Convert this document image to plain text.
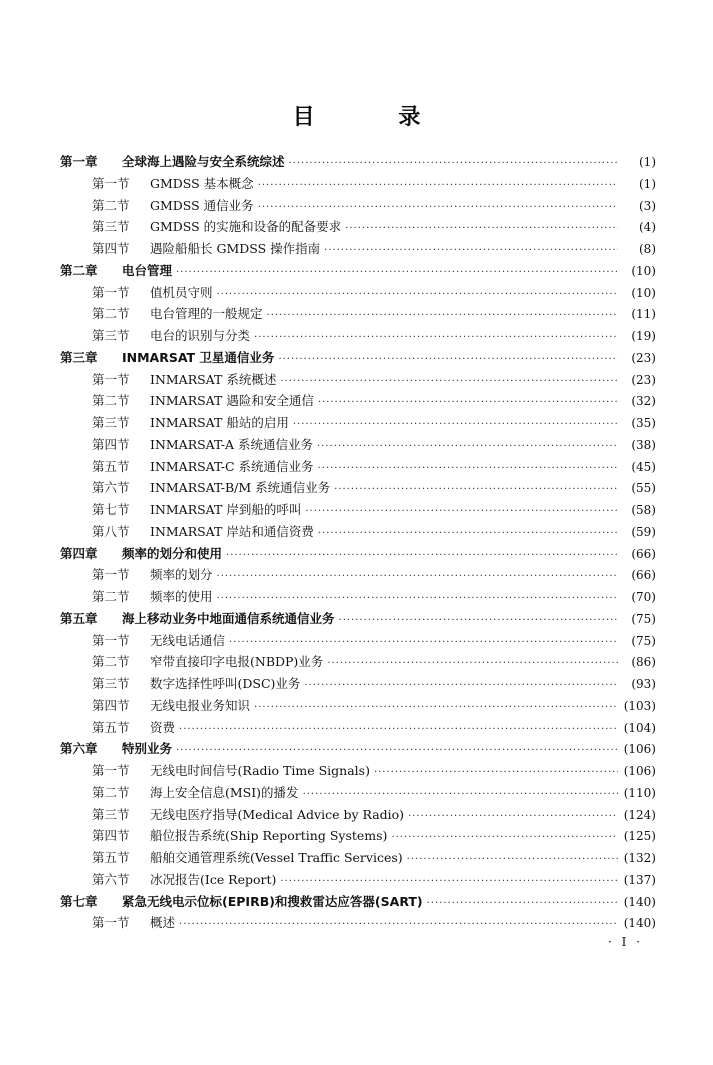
目 录
第一章	全球海上遇险与安全系统综述 ·····	(1)
第一节	GMDSS 基本概念 ·····	(1)
第二节	GMDSS 通信业务 ·····	(3)
第三节	GMDSS 的实施和设备的配备要求 ·····	(4)
第四节	遇险船船长 GMDSS 操作指南 ·····	(8)
第二章	电台管理 ·····	(10)
第一节	值机员守则 ·····	(10)
第二节	电台管理的一般规定 ·····	(11)
第三节	电台的识别与分类 ·····	(19)
第三章	INMARSAT 卫星通信业务 ·····	(23)
第一节	INMARSAT 系统概述 ·····	(23)
第二节	INMARSAT 遇险和安全通信 ·····	(32)
第三节	INMARSAT 船站的启用 ·····	(35)
第四节	INMARSAT-A 系统通信业务 ·····	(38)
第五节	INMARSAT-C 系统通信业务 ·····	(45)
第六节	INMARSAT-B/M 系统通信业务 ·····	(55)
第七节	INMARSAT 岸到船的呼叫 ·····	(58)
第八节	INMARSAT 岸站和通信资费 ·····	(59)
第四章	频率的划分和使用 ·····	(66)
第一节	频率的划分 ·····	(66)
第二节	频率的使用 ·····	(70)
第五章	海上移动业务中地面通信系统通信业务 ·····	(75)
第一节	无线电话通信 ·····	(75)
第二节	窄带直接印字电报(NBDP)业务 ·····	(86)
第三节	数字选择性呼叫(DSC)业务 ·····	(93)
第四节	无线电报业务知识 ·····	(103)
第五节	资费 ·····	(104)
第六章	特别业务 ·····	(106)
第一节	无线电时间信号(Radio Time Signals) ·····	(106)
第二节	海上安全信息(MSI)的播发 ·····	(110)
第三节	无线电医疗指导(Medical Advice by Radio) ·····	(124)
第四节	船位报告系统(Ship Reporting Systems) ·····	(125)
第五节	船舶交通管理系统(Vessel Traffic Services) ·····	(132)
第六节	冰况报告(Ice Report) ·····	(137)
第七章	紧急无线电示位标(EPIRB)和搜救雷达应答器(SART) ·····	(140)
第一节	概述 ·····	(140)
· I ·
